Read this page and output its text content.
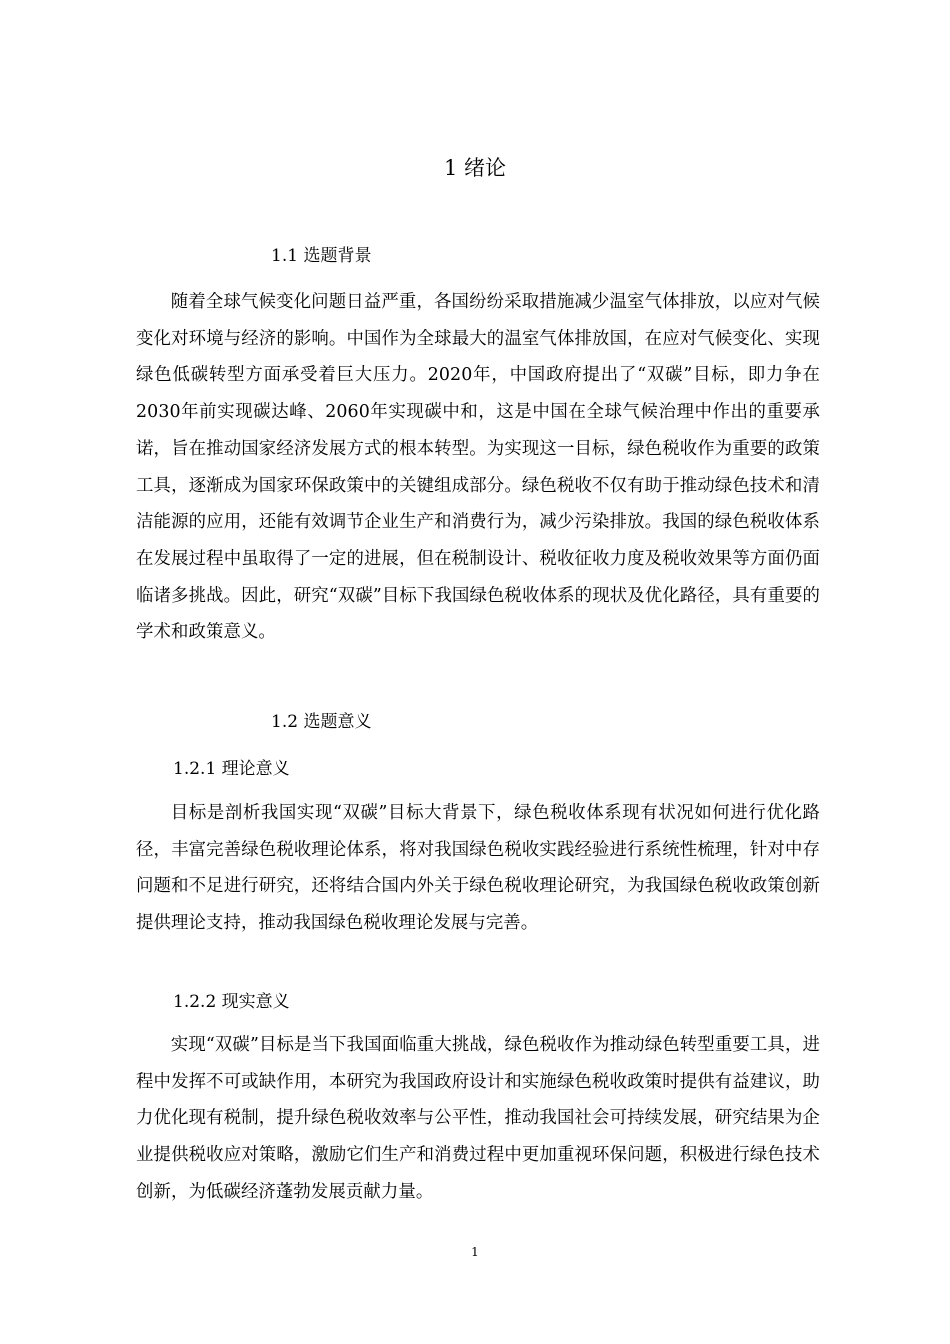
1 绪论
1.1 选题背景

随着全球气候变化问题日益严重，各国纷纷采取措施减少温室气体排放，以应对气候变化对环境与经济的影响。中国作为全球最大的温室气体排放国，在应对气候变化、实现绿色低碳转型方面承受着巨大压力。2020年，中国政府提出了“双碳”目标，即力争在2030年前实现碳达峰、2060年实现碳中和，这是中国在全球气候治理中作出的重要承诺，旨在推动国家经济发展方式的根本转型。为实现这一目标，绿色税收作为重要的政策工具，逐渐成为国家环保政策中的关键组成部分。绿色税收不仅有助于推动绿色技术和清洁能源的应用，还能有效调节企业生产和消费行为，减少污染排放。我国的绿色税收体系在发展过程中虽取得了一定的进展，但在税制设计、税收征收力度及税收效果等方面仍面临诸多挑战。因此，研究“双碳”目标下我国绿色税收体系的现状及优化路径，具有重要的学术和政策意义。

1.2 选题意义
1.2.1 理论意义

目标是剖析我国实现“双碳”目标大背景下，绿色税收体系现有状况如何进行优化路径，丰富完善绿色税收理论体系，将对我国绿色税收实践经验进行系统性梳理，针对中存问题和不足进行研究，还将结合国内外关于绿色税收理论研究，为我国绿色税收政策创新提供理论支持，推动我国绿色税收理论发展与完善。

1.2.2 现实意义

实现“双碳”目标是当下我国面临重大挑战，绿色税收作为推动绿色转型重要工具，进程中发挥不可或缺作用，本研究为我国政府设计和实施绿色税收政策时提供有益建议，助力优化现有税制，提升绿色税收效率与公平性，推动我国社会可持续发展，研究结果为企业提供税收应对策略，激励它们生产和消费过程中更加重视环保问题，积极进行绿色技术创新，为低碳经济蓬勃发展贡献力量。

1
